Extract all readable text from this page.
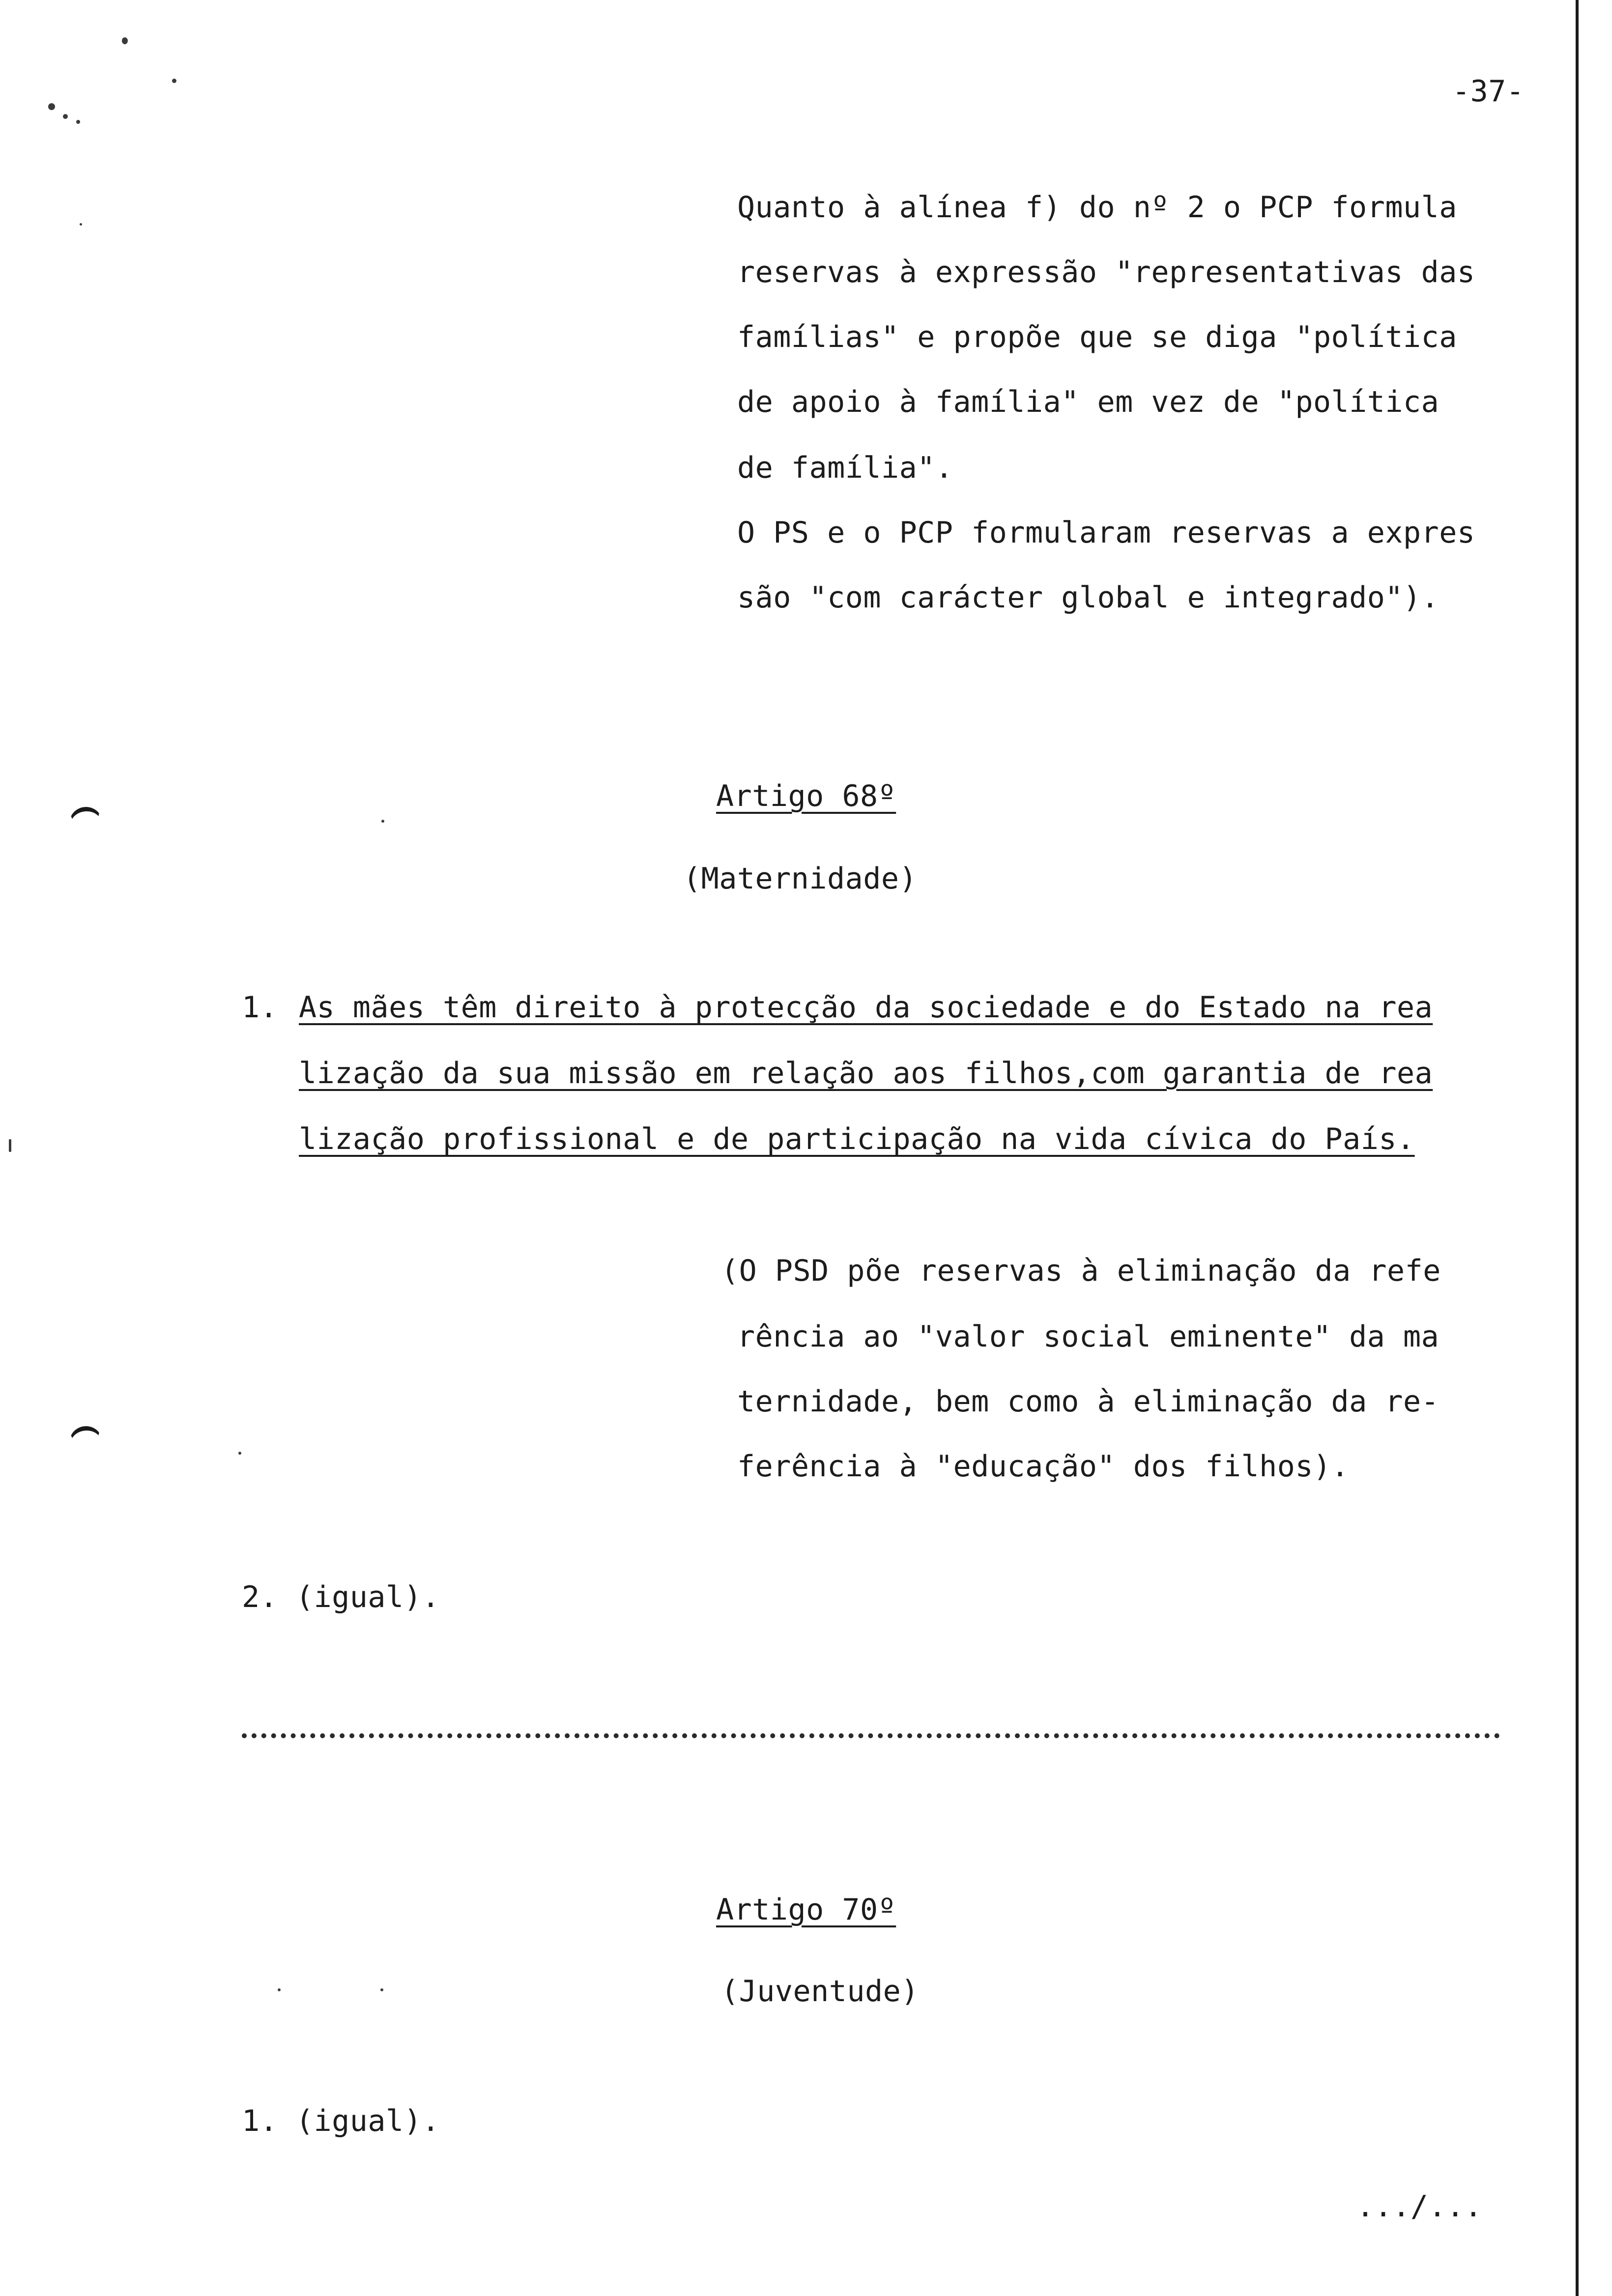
-37-
Quanto à alínea f) do nº 2 o PCP formula
reservas à expressão "representativas das
famílias" e propõe que se diga "política
de apoio à família" em vez de "política
de família".
O PS e o PCP formularam reservas a expres
são "com carácter global e integrado").
Artigo 68º
(Maternidade)
1. As mães têm direito à protecção da sociedade e do Estado na rea
lização da sua missão em relação aos filhos,com garantia de rea
lização profissional e de participação na vida cívica do País.
(O PSD põe reservas à eliminação da refe
rência ao "valor social eminente" da ma
ternidade, bem como à eliminação da re-
ferência à "educação" dos filhos).
2. (igual).
Artigo 70º
(Juventude)
1. (igual).
.../...
